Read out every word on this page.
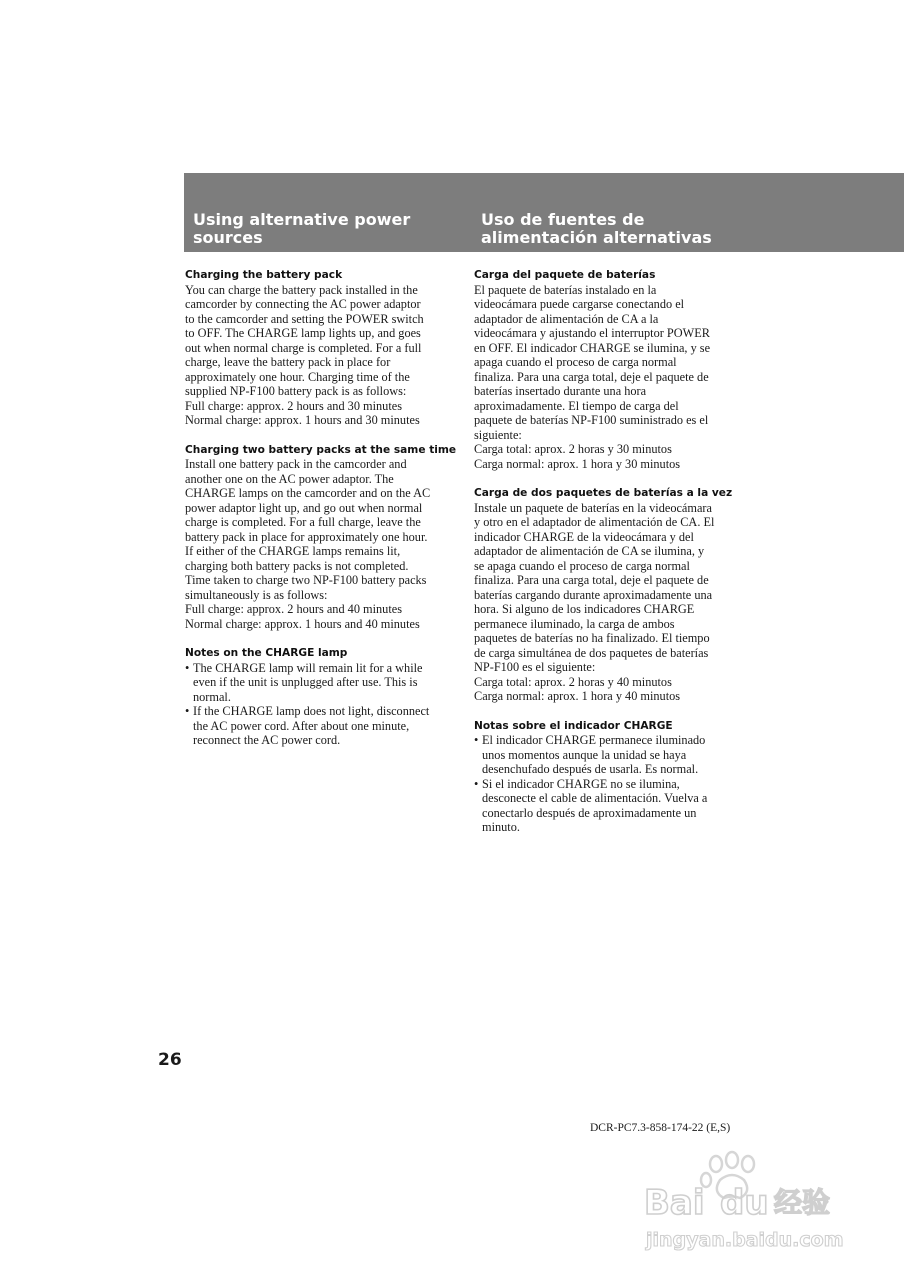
Using alternative power
sources
Uso de fuentes de
alimentación alternativas
Charging the battery pack
You can charge the battery pack installed in the
camcorder by connecting the AC power adaptor
to the camcorder and setting the POWER switch
to OFF. The CHARGE lamp lights up, and goes
out when normal charge is completed. For a full
charge, leave the battery pack in place for
approximately one hour. Charging time of the
supplied NP-F100 battery pack is as follows:
Full charge: approx. 2 hours and 30 minutes
Normal charge: approx. 1 hours and 30 minutes
Charging two battery packs at the same time
Install one battery pack in the camcorder and
another one on the AC power adaptor. The
CHARGE lamps on the camcorder and on the AC
power adaptor light up, and go out when normal
charge is completed. For a full charge, leave the
battery pack in place for approximately one hour.
If either of the CHARGE lamps remains lit,
charging both battery packs is not completed.
Time taken to charge two NP-F100 battery packs
simultaneously is as follows:
Full charge: approx. 2 hours and 40 minutes
Normal charge: approx. 1 hours and 40 minutes
Notes on the CHARGE lamp
• The CHARGE lamp will remain lit for a while
even if the unit is unplugged after use. This is
normal.
• If the CHARGE lamp does not light, disconnect
the AC power cord. After about one minute,
reconnect the AC power cord.
Carga del paquete de baterías
El paquete de baterías instalado en la
videocámara puede cargarse conectando el
adaptador de alimentación de CA a la
videocámara y ajustando el interruptor POWER
en OFF. El indicador CHARGE se ilumina, y se
apaga cuando el proceso de carga normal
finaliza. Para una carga total, deje el paquete de
baterías insertado durante una hora
aproximadamente. El tiempo de carga del
paquete de baterías NP-F100 suministrado es el
siguiente:
Carga total: aprox. 2 horas y 30 minutos
Carga normal: aprox. 1 hora y 30 minutos
Carga de dos paquetes de baterías a la vez
Instale un paquete de baterías en la videocámara
y otro en el adaptador de alimentación de CA. El
indicador CHARGE de la videocámara y del
adaptador de alimentación de CA se ilumina, y
se apaga cuando el proceso de carga normal
finaliza. Para una carga total, deje el paquete de
baterías cargando durante aproximadamente una
hora. Si alguno de los indicadores CHARGE
permanece iluminado, la carga de ambos
paquetes de baterías no ha finalizado. El tiempo
de carga simultánea de dos paquetes de baterías
NP-F100 es el siguiente:
Carga total: aprox. 2 horas y 40 minutos
Carga normal: aprox. 1 hora y 40 minutos
Notas sobre el indicador CHARGE
• El indicador CHARGE permanece iluminado
unos momentos aunque la unidad se haya
desenchufado después de usarla. Es normal.
• Si el indicador CHARGE no se ilumina,
desconecte el cable de alimentación. Vuelva a
conectarlo después de aproximadamente un
minuto.
26
DCR-PC7.3-858-174-22 (E,S)
Bai du 经验
jingyan.baidu.com
